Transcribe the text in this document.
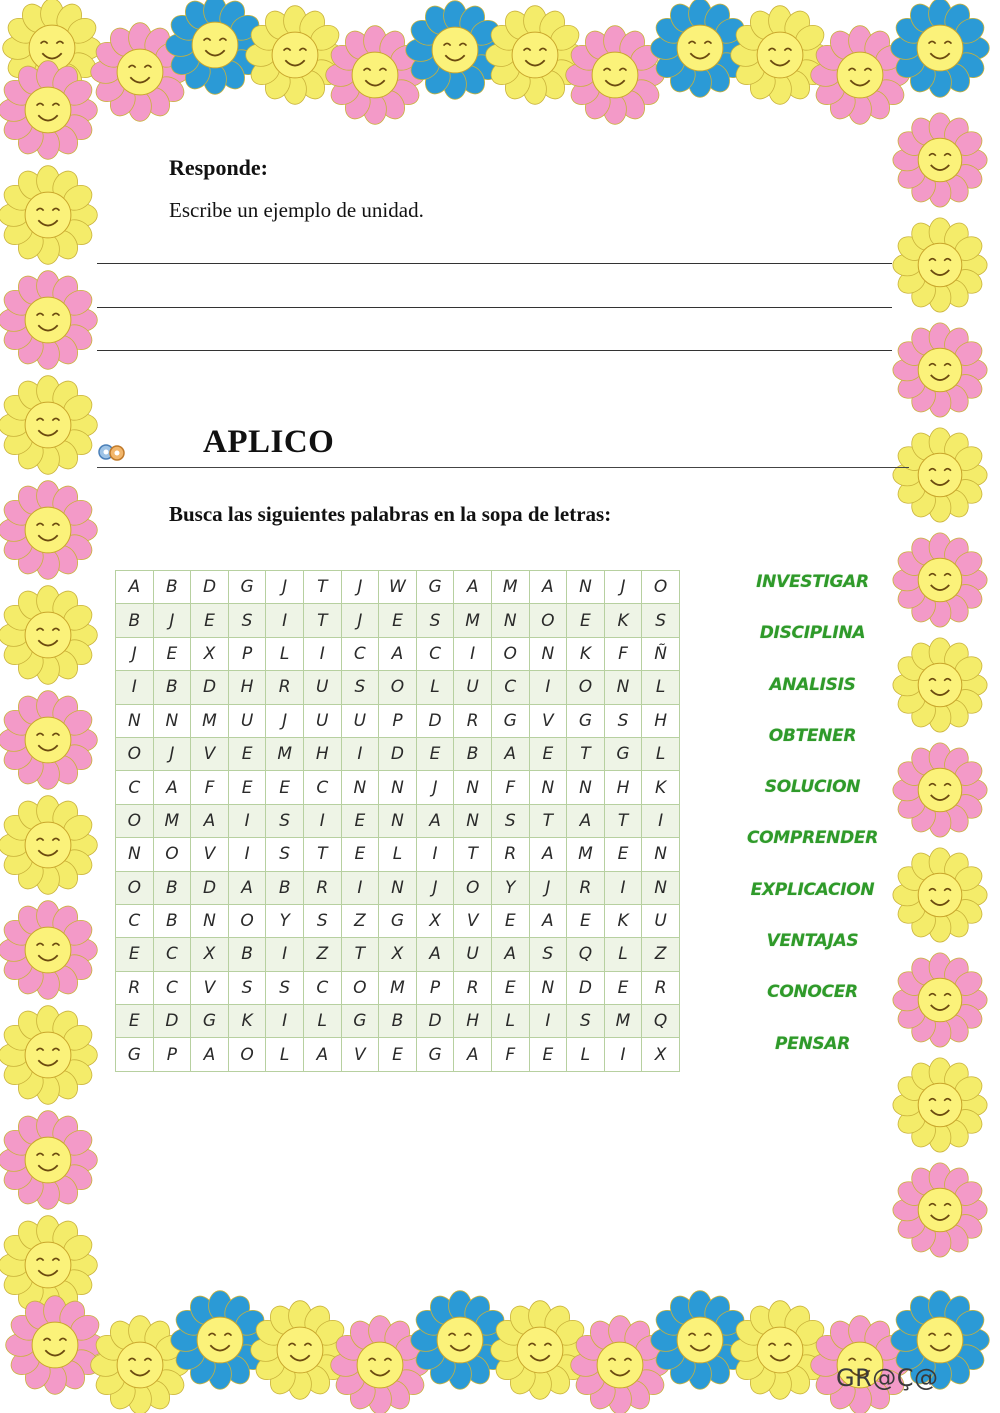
Responde:
Escribe un ejemplo de unidad.
APLICO
Busca las siguientes palabras en la sopa de letras:
A	B	D	G	J	T	J	W	G	A	M	A	N	J	O
B	J	E	S	I	T	J	E	S	M	N	O	E	K	S
J	E	X	P	L	I	C	A	C	I	O	N	K	F	Ñ
I	B	D	H	R	U	S	O	L	U	C	I	O	N	L
N	N	M	U	J	U	U	P	D	R	G	V	G	S	H
O	J	V	E	M	H	I	D	E	B	A	E	T	G	L
C	A	F	E	E	C	N	N	J	N	F	N	N	H	K
O	M	A	I	S	I	E	N	A	N	S	T	A	T	I
N	O	V	I	S	T	E	L	I	T	R	A	M	E	N
O	B	D	A	B	R	I	N	J	O	Y	J	R	I	N
C	B	N	O	Y	S	Z	G	X	V	E	A	E	K	U
E	C	X	B	I	Z	T	X	A	U	A	S	Q	L	Z
R	C	V	S	S	C	O	M	P	R	E	N	D	E	R
E	D	G	K	I	L	G	B	D	H	L	I	S	M	Q
G	P	A	O	L	A	V	E	G	A	F	E	L	I	X
INVESTIGAR
DISCIPLINA
ANALISIS
OBTENER
SOLUCION
COMPRENDER
EXPLICACION
VENTAJAS
CONOCER
PENSAR
GR@Ç@
